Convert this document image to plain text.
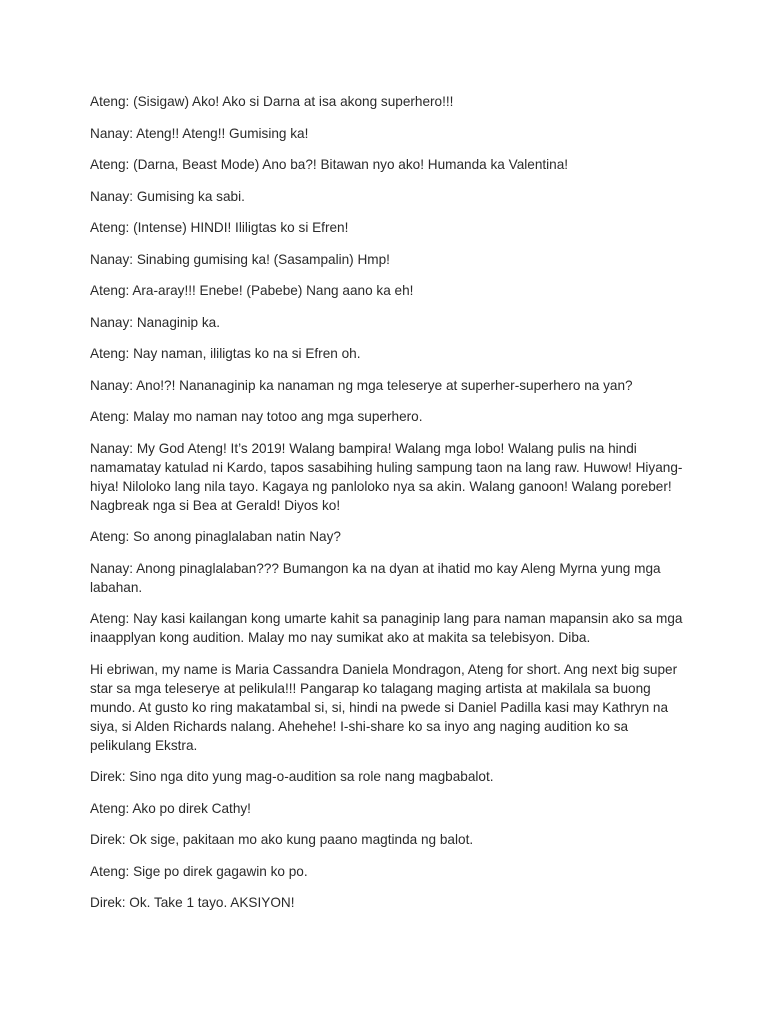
Ateng: (Sisigaw) Ako! Ako si Darna at isa akong superhero!!!

Nanay: Ateng!! Ateng!! Gumising ka!

Ateng: (Darna, Beast Mode) Ano ba?! Bitawan nyo ako! Humanda ka Valentina!

Nanay: Gumising ka sabi.

Ateng: (Intense) HINDI! Ililigtas ko si Efren!

Nanay: Sinabing gumising ka! (Sasampalin) Hmp!

Ateng: Ara-aray!!! Enebe! (Pabebe) Nang aano ka eh!

Nanay: Nanaginip ka.

Ateng: Nay naman, ililigtas ko na si Efren oh.

Nanay: Ano!?! Nananaginip ka nanaman ng mga teleserye at superher-superhero na yan?

Ateng: Malay mo naman nay totoo ang mga superhero.

Nanay: My God Ateng! It’s 2019! Walang bampira! Walang mga lobo! Walang pulis na hindi namamatay katulad ni Kardo, tapos sasabihing huling sampung taon na lang raw. Huwow! Hiyang-hiya! Niloloko lang nila tayo. Kagaya ng panloloko nya sa akin. Walang ganoon! Walang poreber! Nagbreak nga si Bea at Gerald! Diyos ko!

Ateng: So anong pinaglalaban natin Nay?

Nanay: Anong pinaglalaban??? Bumangon ka na dyan at ihatid mo kay Aleng Myrna yung mga labahan.

Ateng: Nay kasi kailangan kong umarte kahit sa panaginip lang para naman mapansin ako sa mga inaapplyan kong audition. Malay mo nay sumikat ako at makita sa telebisyon. Diba.

Hi ebriwan, my name is Maria Cassandra Daniela Mondragon, Ateng for short. Ang next big super star sa mga teleserye at pelikula!!! Pangarap ko talagang maging artista at makilala sa buong mundo. At gusto ko ring makatambal si, si, hindi na pwede si Daniel Padilla kasi may Kathryn na siya, si Alden Richards nalang. Ahehehe! I-shi-share ko sa inyo ang naging audition ko sa pelikulang Ekstra.

Direk: Sino nga dito yung mag-o-audition sa role nang magbabalot.

Ateng: Ako po direk Cathy!

Direk: Ok sige, pakitaan mo ako kung paano magtinda ng balot.

Ateng: Sige po direk gagawin ko po.

Direk: Ok. Take 1 tayo. AKSIYON!
